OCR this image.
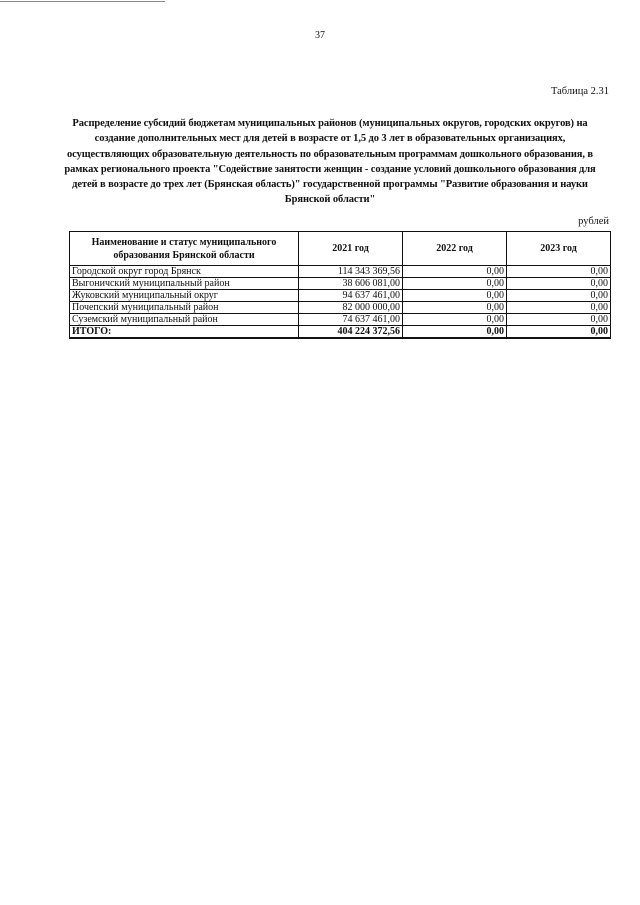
37
Таблица 2.31
Распределение субсидий бюджетам муниципальных районов (муниципальных округов, городских округов) на создание дополнительных мест для детей в возрасте от 1,5 до 3 лет в образовательных организациях, осуществляющих образовательную деятельность по образовательным программам дошкольного образования, в рамках регионального проекта "Содействие занятости женщин - создание условий дошкольного образования для детей в возрасте до трех лет (Брянская область)" государственной программы "Развитие образования и науки Брянской области"
рублей
Наименование и статус муниципального образования Брянской области	2021 год	2022 год	2023 год
Городской округ город Брянск	114 343 369,56	0,00	0,00
Выгоничский муниципальный район	38 606 081,00	0,00	0,00
Жуковский муниципальный округ	94 637 461,00	0,00	0,00
Почепский муниципальный район	82 000 000,00	0,00	0,00
Суземский муниципальный район	74 637 461,00	0,00	0,00
ИТОГО:	404 224 372,56	0,00	0,00
